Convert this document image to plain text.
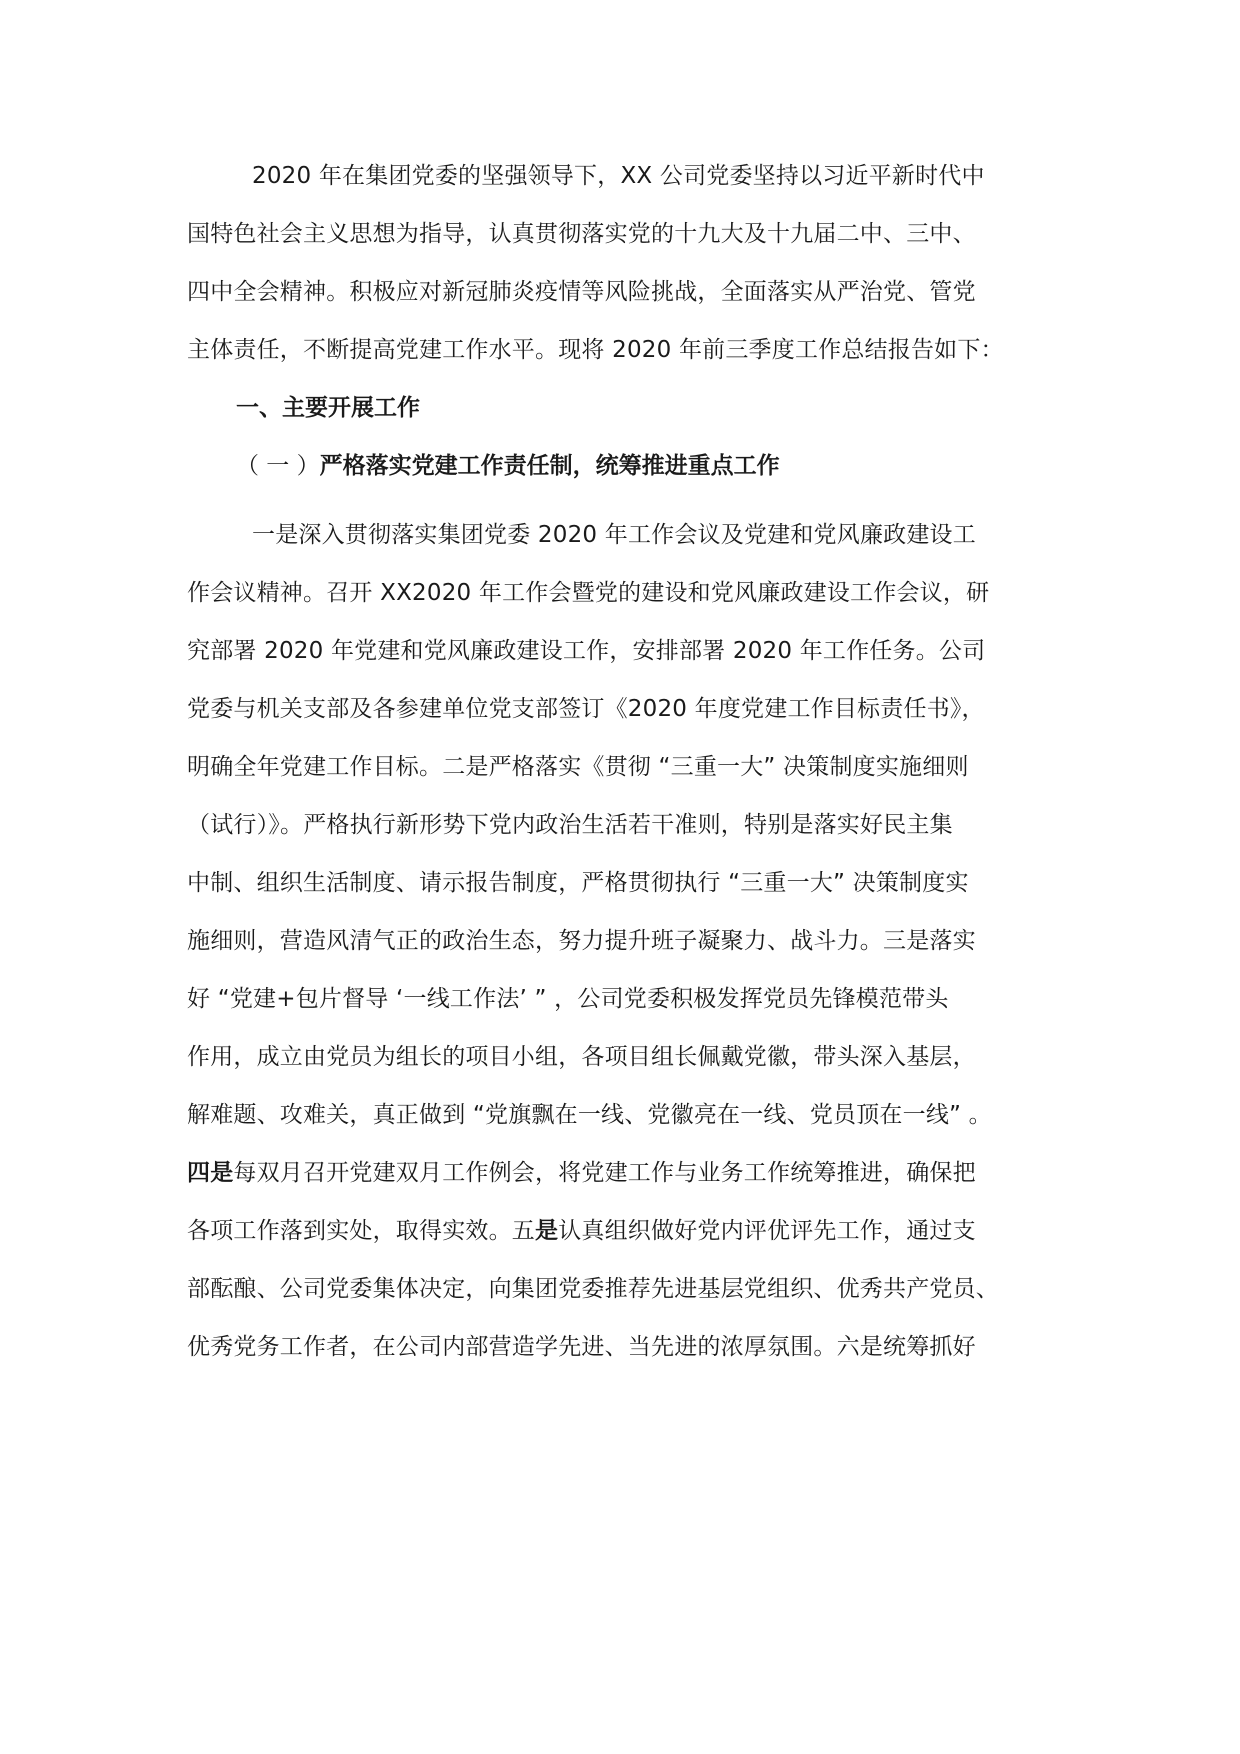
2020 年在集团党委的坚强领导下，XX 公司党委坚持以习近平新时代中
国特色社会主义思想为指导，认真贯彻落实党的十九大及十九届二中、三中、
四中全会精神。积极应对新冠肺炎疫情等风险挑战，全面落实从严治党、管党
主体责任，不断提高党建工作水平。现将 2020 年前三季度工作总结报告如下：
一、主要开展工作
（ 一 ）严格落实党建工作责任制，统筹推进重点工作
一是深入贯彻落实集团党委 2020 年工作会议及党建和党风廉政建设工
作会议精神。召开 XX2020 年工作会暨党的建设和党风廉政建设工作会议，研
究部署 2020 年党建和党风廉政建设工作，安排部署 2020 年工作任务。公司
党委与机关支部及各参建单位党支部签订《2020 年度党建工作目标责任书》，
明确全年党建工作目标。二是严格落实《贯彻 “三重一大” 决策制度实施细则
（试行）》。严格执行新形势下党内政治生活若干准则，特别是落实好民主集
中制、组织生活制度、请示报告制度，严格贯彻执行 “三重一大” 决策制度实
施细则，营造风清气正的政治生态，努力提升班子凝聚力、战斗力。三是落实
好 “党建+包片督导 ‘一线工作法’ ” ，公司党委积极发挥党员先锋模范带头
作用，成立由党员为组长的项目小组，各项目组长佩戴党徽，带头深入基层，
解难题、攻难关，真正做到 “党旗飘在一线、党徽亮在一线、党员顶在一线” 。
四是每双月召开党建双月工作例会，将党建工作与业务工作统筹推进，确保把
各项工作落到实处，取得实效。五是认真组织做好党内评优评先工作，通过支
部酝酿、公司党委集体决定，向集团党委推荐先进基层党组织、优秀共产党员、
优秀党务工作者，在公司内部营造学先进、当先进的浓厚氛围。六是统筹抓好
